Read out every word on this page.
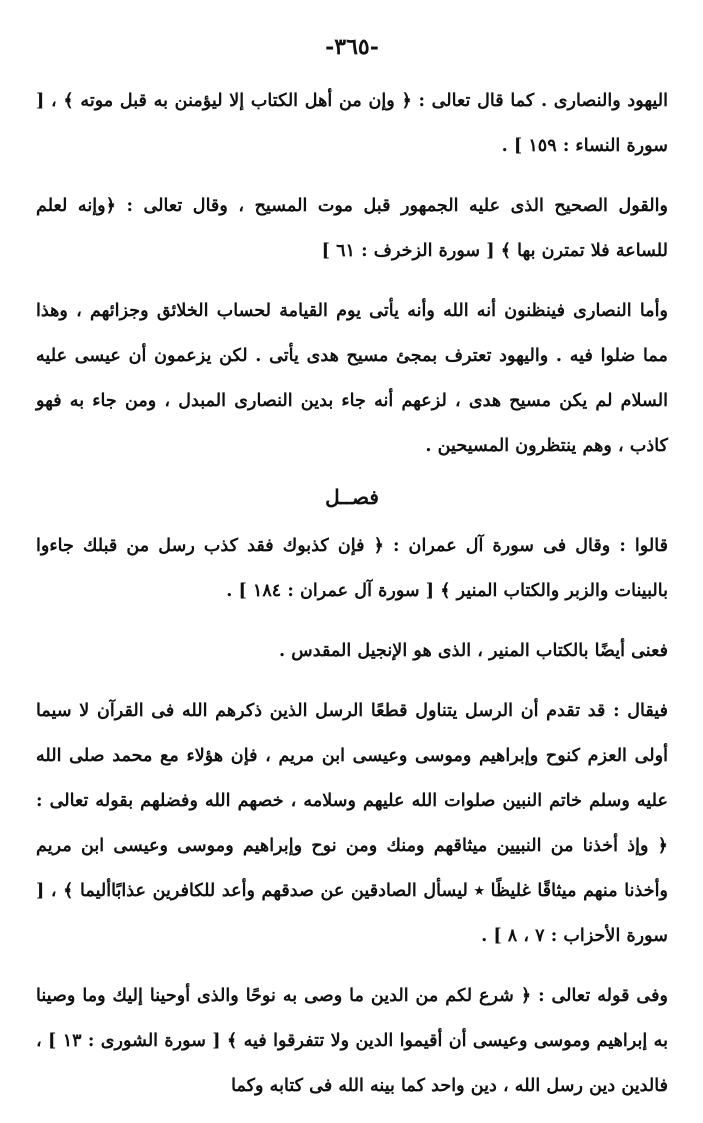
-٣٦٥-

اليهود والنصارى . كما قال تعالى : ﴿ وإن من أهل الكتاب إلا ليؤمنن به قبل موته ﴾ ، [ سورة النساء : ١٥٩ ] .

والقول الصحيح الذى عليه الجمهور قبل موت المسيح ، وقال تعالى : ﴿وإنه لعلم للساعة فلا تمترن بها ﴾ [ سورة الزخرف : ٦١ ]

وأما النصارى فينظنون أنه الله وأنه يأتى يوم القيامة لحساب الخلائق وجزائهم ، وهذا مما ضلوا فيه . واليهود تعترف بمجئ مسيح هدى يأتى . لكن يزعمون أن عيسى عليه السلام لم يكن مسيح هدى ، لزعهم أنه جاء بدين النصارى المبدل ، ومن جاء به فهو كاذب ، وهم ينتظرون المسيحين .

فصــل

قالوا : وقال فى سورة آل عمران : ﴿ فإن كذبوك فقد كذب رسل من قبلك جاءوا بالبينات والزبر والكتاب المنير ﴾ [ سورة آل عمران : ١٨٤ ] .

فعنى أيضًا بالكتاب المنير ، الذى هو الإنجيل المقدس .

فيقال : قد تقدم أن الرسل يتناول قطعًا الرسل الذين ذكرهم الله فى القرآن لا سيما أولى العزم كنوح وإبراهيم وموسى وعيسى ابن مريم ، فإن هؤلاء مع محمد صلى الله عليه وسلم خاتم النبين صلوات الله عليهم وسلامه ، خصهم الله وفضلهم بقوله تعالى : ﴿ وإذ أخذنا من النبيين ميثاقهم ومنك ومن نوح وإبراهيم وموسى وعيسى ابن مريم وأخذنا منهم ميثاقًا غليظًا ٭ ليسأل الصادقين عن صدقهم وأعد للكافرين عذابًاأليما ﴾ ، [ سورة الأحزاب : ٧ ، ٨ ] .

وفى قوله تعالى : ﴿ شرع لكم من الدين ما وصى به نوحًا والذى أوحينا إليك وما وصينا به إبراهيم وموسى وعيسى أن أقيموا الدين ولا تتفرقوا فيه ﴾ [ سورة الشورى : ١٣ ] ، فالدين دين رسل الله ، دين واحد كما بينه الله فى كتابه وكما
